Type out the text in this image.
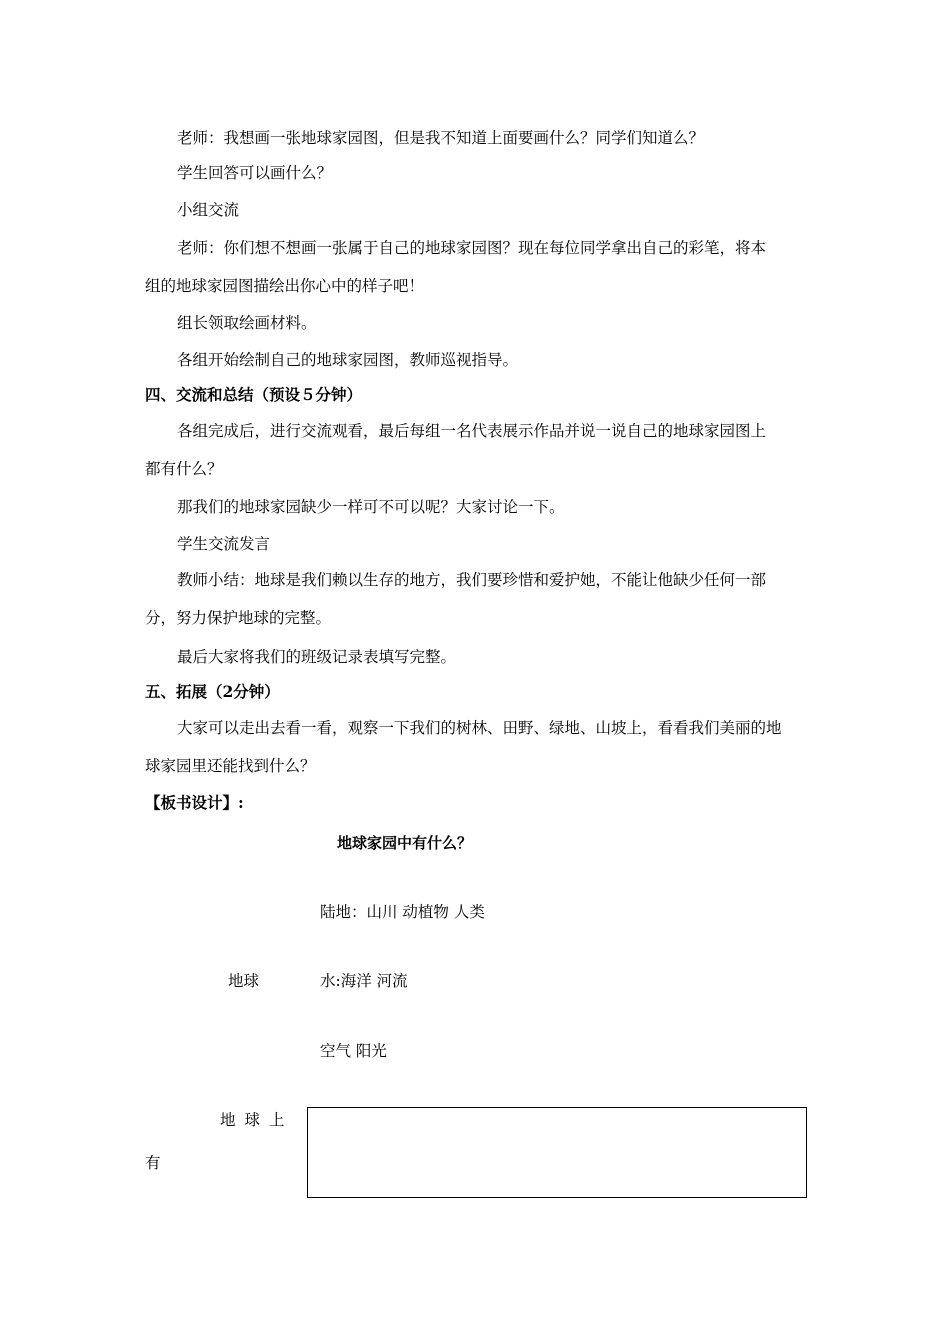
老师：我想画一张地球家园图，但是我不知道上面要画什么？同学们知道么？

学生回答可以画什么？

小组交流

老师：你们想不想画一张属于自己的地球家园图？现在每位同学拿出自己的彩笔，将本

组的地球家园图描绘出你心中的样子吧！

组长领取绘画材料。

各组开始绘制自己的地球家园图，教师巡视指导。

四、交流和总结（预设５分钟）

各组完成后，进行交流观看，最后每组一名代表展示作品并说一说自己的地球家园图上

都有什么？

那我们的地球家园缺少一样可不可以呢？大家讨论一下。

学生交流发言

教师小结：地球是我们赖以生存的地方，我们要珍惜和爱护她，不能让他缺少任何一部

分，努力保护地球的完整。

最后大家将我们的班级记录表填写完整。

五、拓展（2分钟）

大家可以走出去看一看，观察一下我们的树林、田野、绿地、山坡上，看看我们美丽的地

球家园里还能找到什么？

【板书设计】:

地球家园中有什么？
陆地：山川 动植物 人类
地球	水:海洋 河流
空气 阳光
地球上
有
